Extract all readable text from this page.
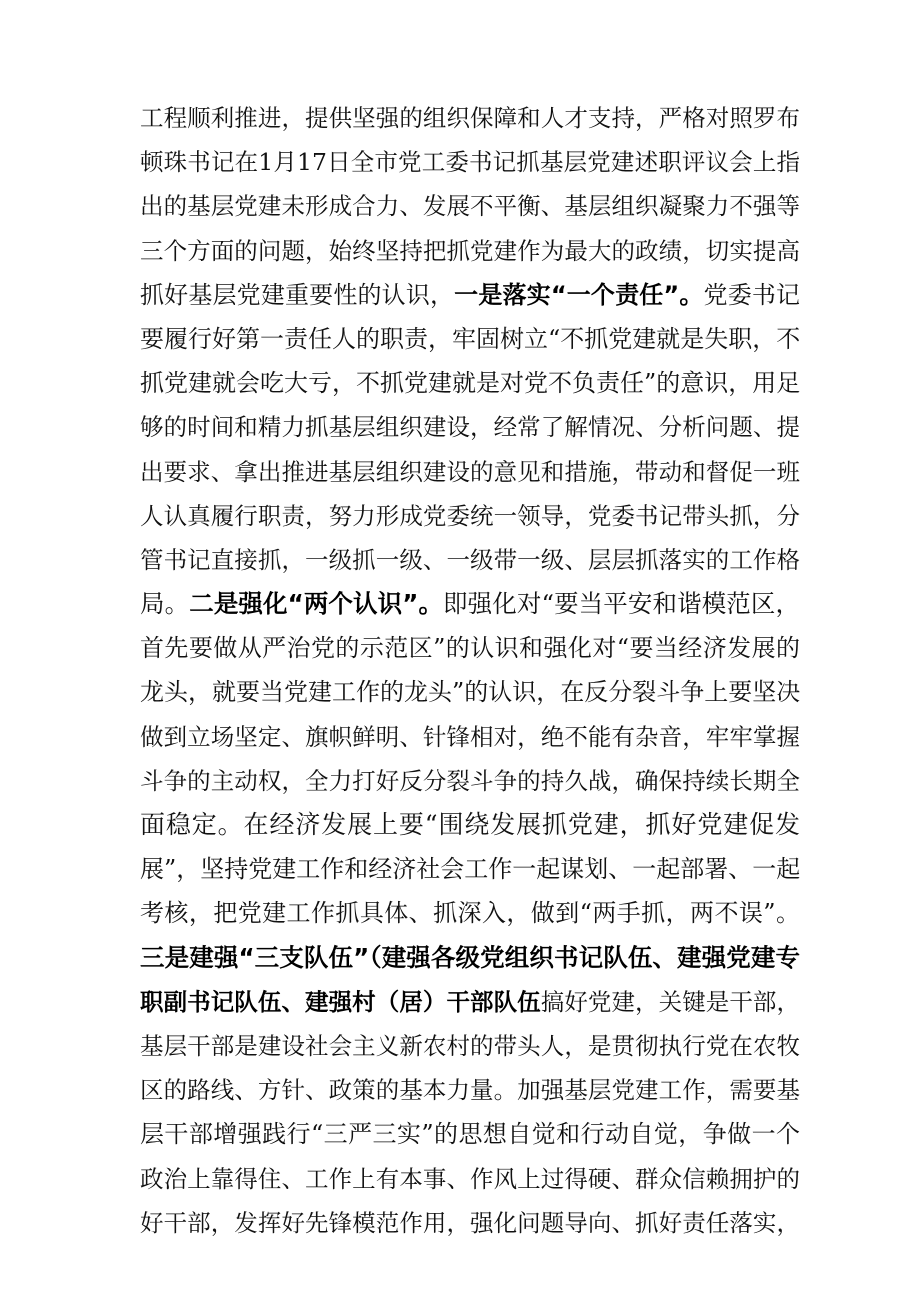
工程顺利推进，提供坚强的组织保障和人才支持，严格对照罗布
顿珠书记在1月17日全市党工委书记抓基层党建述职评议会上指
出的基层党建未形成合力、发展不平衡、基层组织凝聚力不强等
三个方面的问题，始终坚持把抓党建作为最大的政绩，切实提高
抓好基层党建重要性的认识，一是落实“一个责任”。党委书记
要履行好第一责任人的职责，牢固树立“不抓党建就是失职，不
抓党建就会吃大亏，不抓党建就是对党不负责任”的意识，用足
够的时间和精力抓基层组织建设，经常了解情况、分析问题、提
出要求、拿出推进基层组织建设的意见和措施，带动和督促一班
人认真履行职责，努力形成党委统一领导，党委书记带头抓，分
管书记直接抓，一级抓一级、一级带一级、层层抓落实的工作格
局。二是强化“两个认识”。即强化对“要当平安和谐模范区，
首先要做从严治党的示范区”的认识和强化对“要当经济发展的
龙头，就要当党建工作的龙头”的认识，在反分裂斗争上要坚决
做到立场坚定、旗帜鲜明、针锋相对，绝不能有杂音，牢牢掌握
斗争的主动权，全力打好反分裂斗争的持久战，确保持续长期全
面稳定。在经济发展上要“围绕发展抓党建，抓好党建促发
展”，坚持党建工作和经济社会工作一起谋划、一起部署、一起
考核，把党建工作抓具体、抓深入，做到“两手抓，两不误”。
三是建强“三支队伍”（建强各级党组织书记队伍、建强党建专
职副书记队伍、建强村（居）干部队伍搞好党建，关键是干部，
基层干部是建设社会主义新农村的带头人，是贯彻执行党在农牧
区的路线、方针、政策的基本力量。加强基层党建工作，需要基
层干部增强践行“三严三实”的思想自觉和行动自觉，争做一个
政治上靠得住、工作上有本事、作风上过得硬、群众信赖拥护的
好干部，发挥好先锋模范作用，强化问题导向、抓好责任落实，
